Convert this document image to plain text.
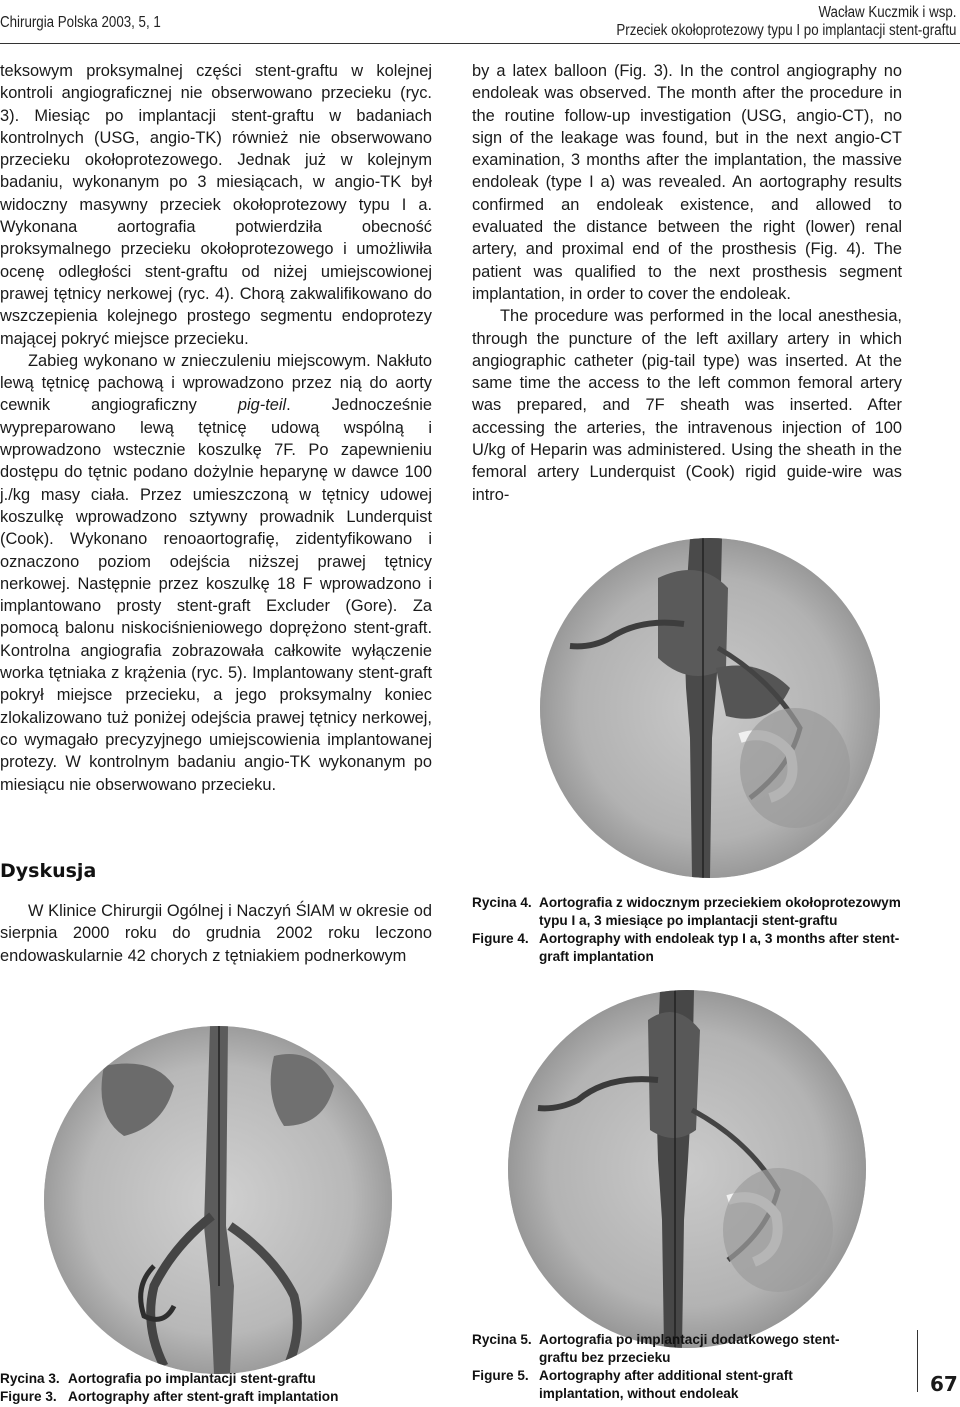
Chirurgia Polska 2003, 5, 1
Wacław Kuczmik i wsp.
Przeciek okołoprotezowy typu I po implantacji stent-graftu

teksowym proksymalnej części stent-graftu w kolejnej kontroli angiograficznej nie obserwowano przecieku (ryc. 3). Miesiąc po implantacji stent-graftu w badaniach kontrolnych (USG, angio-TK) również nie obserwowano przecieku okołoprotezowego. Jednak już w kolejnym badaniu, wykonanym po 3 miesiącach, w angio-TK był widoczny masywny przeciek okołoprotezowy typu I a. Wykonana aortografia potwierdziła obecność proksymalnego przecieku okołoprotezowego i umożliwiła ocenę odległości stent-graftu od niżej umiejscowionej prawej tętnicy nerkowej (ryc. 4). Chorą zakwalifikowano do wszczepienia kolejnego prostego segmentu endoprotezy mającej pokryć miejsce przecieku.

Zabieg wykonano w znieczuleniu miejscowym. Nakłuto lewą tętnicę pachową i wprowadzono przez nią do aorty cewnik angiograficzny pig-teil. Jednocześnie wypreparowano lewą tętnicę udową wspólną i wprowadzono wstecznie koszulkę 7F. Po zapewnieniu dostępu do tętnic podano dożylnie heparynę w dawce 100 j./kg masy ciała. Przez umieszczoną w tętnicy udowej koszulkę wprowadzono sztywny prowadnik Lunderquist (Cook). Wykonano renoaortografię, zidentyfikowano i oznaczono poziom odejścia niższej prawej tętnicy nerkowej. Następnie przez koszulkę 18 F wprowadzono i implantowano prosty stent-graft Excluder (Gore). Za pomocą balonu niskociśnieniowego doprężono stent-graft. Kontrolna angiografia zobrazowała całkowite wyłączenie worka tętniaka z krążenia (ryc. 5). Implantowany stent-graft pokrył miejsce przecieku, a jego proksymalny koniec zlokalizowano tuż poniżej odejścia prawej tętnicy nerkowej, co wymagało precyzyjnego umiejscowienia implantowanej protezy. W kontrolnym badaniu angio-TK wykonanym po miesiącu nie obserwowano przecieku.

Dyskusja

W Klinice Chirurgii Ogólnej i Naczyń ŚlAM w okresie od sierpnia 2000 roku do grudnia 2002 roku leczono endowaskularnie 42 chorych z tętniakiem podnerkowym

by a latex balloon (Fig. 3). In the control angiography no endoleak was observed. The month after the procedure in the routine follow-up investigation (USG, angio-CT), no sign of the leakage was found, but in the next angio-CT examination, 3 months after the implantation, the massive endoleak (type I a) was revealed. An aortography results confirmed an endoleak existence, and allowed to evaluated the distance between the right (lower) renal artery, and proximal end of the prosthesis (Fig. 4). The patient was qualified to the next prosthesis segment implantation, in order to cover the endoleak.

The procedure was performed in the local anesthesia, through the puncture of the left axillary artery in which angiographic catheter (pig-tail type) was inserted. At the same time the access to the left common femoral artery was prepared, and 7F sheath was inserted. After accessing the arteries, the intravenous injection of 100 U/kg of Heparin was administered. Using the sheath in the femoral artery Lunderquist (Cook) rigid guide-wire was intro-

Rycina 4. Aortografia z widocznym przeciekiem okołoprotezowym typu I a, 3 miesiące po implantacji stent-graftu
Figure 4. Aortography with endoleak typ I a, 3 months after stent-graft implantation
Rycina 3. Aortografia po implantacji stent-graftu
Figure 3. Aortography after stent-graft implantation
Rycina 5. Aortografia po implantacji dodatkowego stent-graftu bez przecieku
Figure 5. Aortography after additional stent-graft implantation, without endoleak	67
